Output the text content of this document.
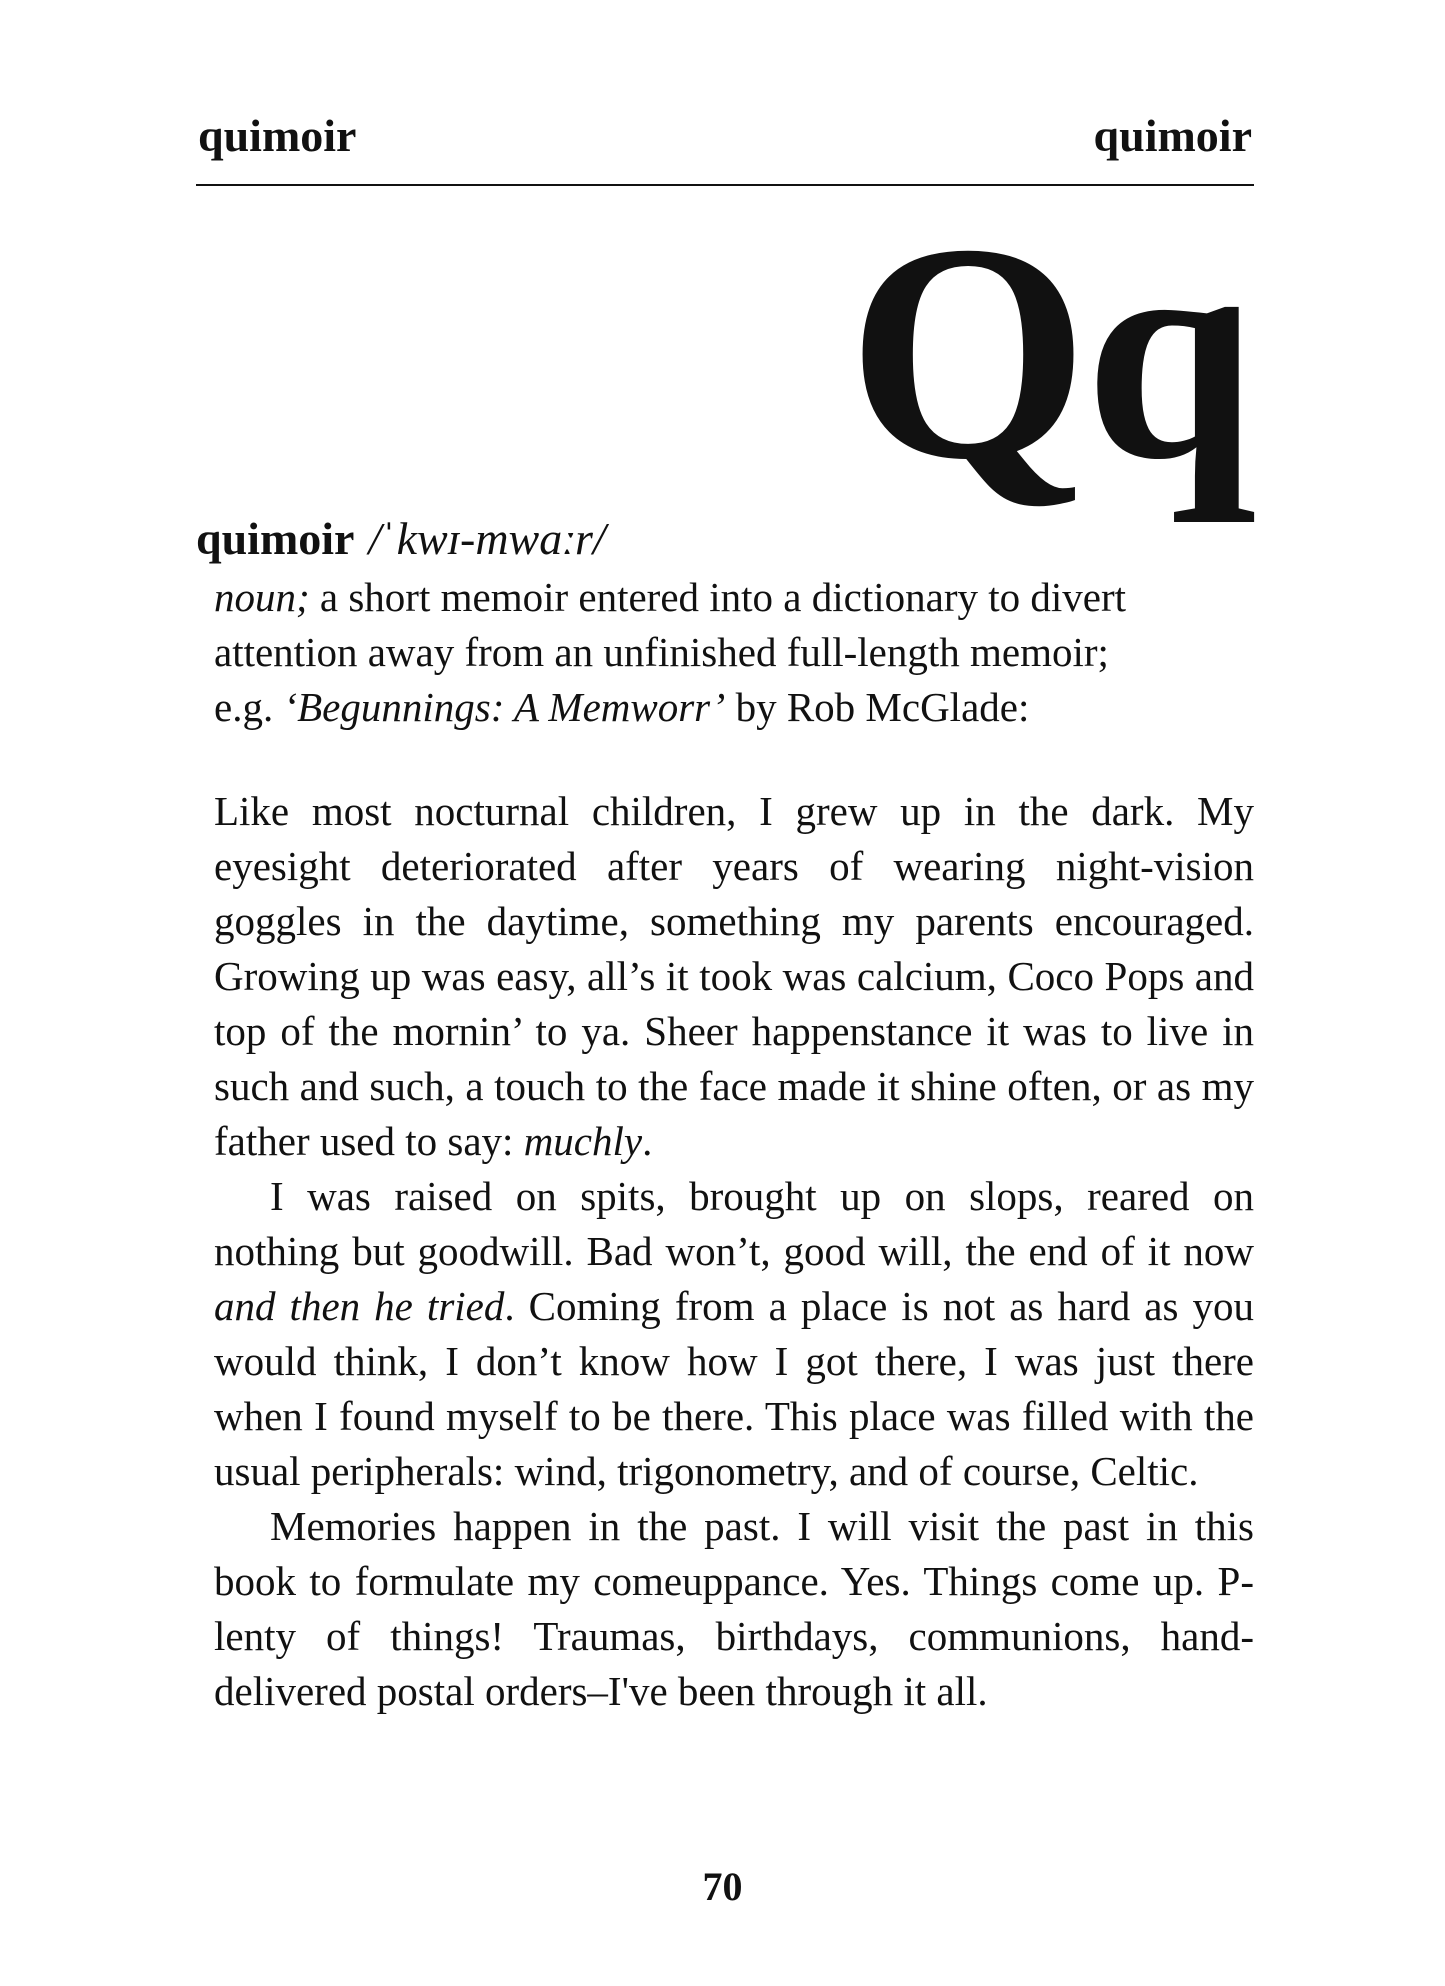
quimoir	quimoir
Qq
quimoir /ˈkwɪ-mwaːr/
noun; a short memoir entered into a dictionary to divert
attention away from an unfinished full-length memoir;
e.g. ‘Begunnings: A Memworr’ by Rob McGlade:

Like most nocturnal children, I grew up in the dark. My eyesight deteriorated after years of wearing night-vision goggles in the daytime, something my parents encouraged. Growing up was easy, all’s it took was calcium, Coco Pops and top of the mornin’ to ya. Sheer happenstance it was to live in such and such, a touch to the face made it shine often, or as my father used to say: muchly.

I was raised on spits, brought up on slops, reared on nothing but goodwill. Bad won’t, good will, the end of it now and then he tried. Coming from a place is not as hard as you would think, I don’t know how I got there, I was just there when I found myself to be there. This place was filled with the usual peripherals: wind, trigonometry, and of course, Celtic.

Memories happen in the past. I will visit the past in this book to formulate my comeuppance. Yes. Things come up. P-lenty of things! Traumas, birthdays, communions, hand-delivered postal orders–I've been through it all.

70
